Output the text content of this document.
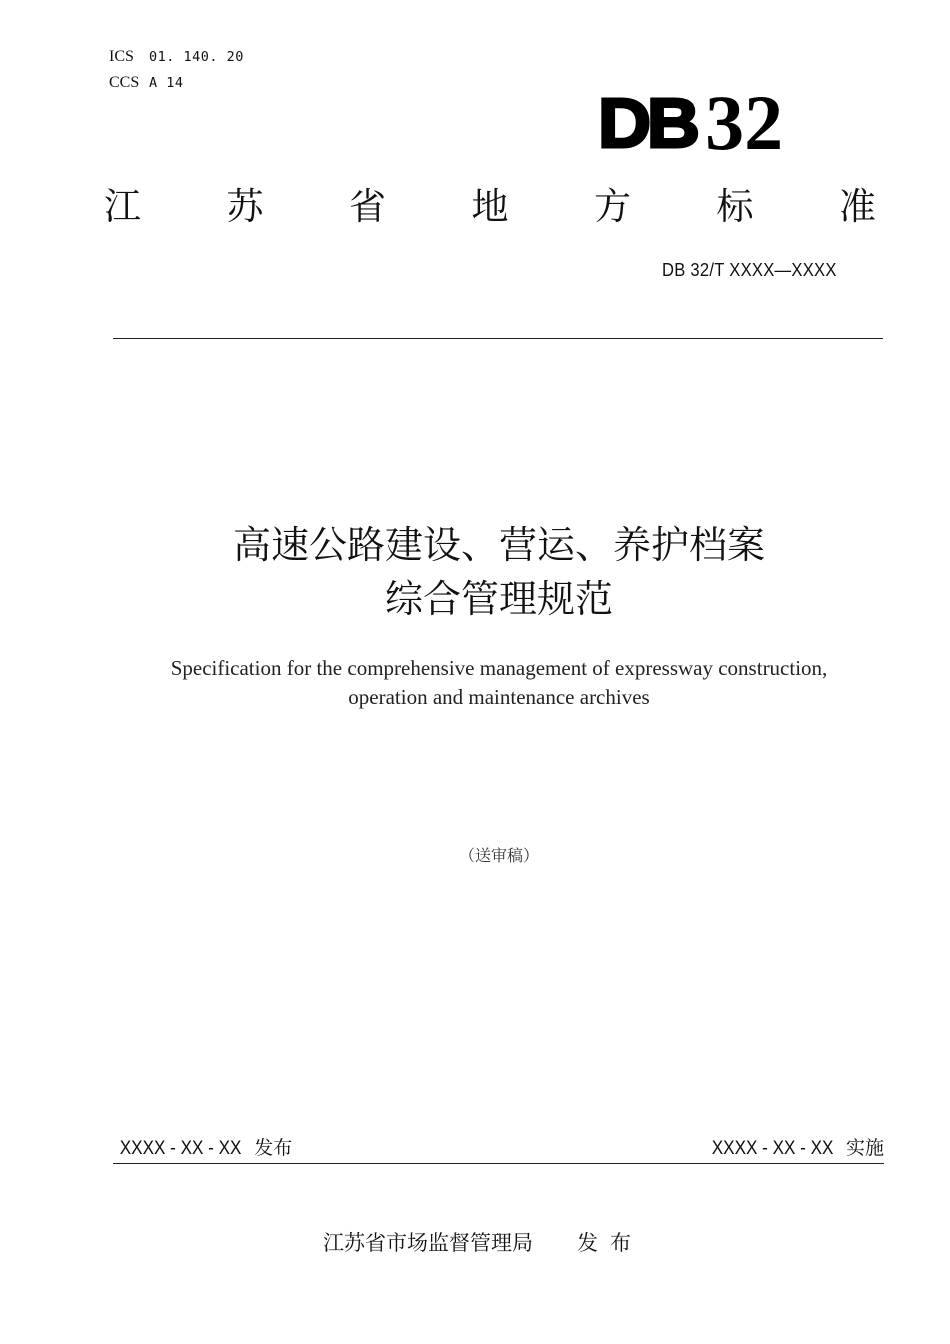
ICS	01. 140. 20
CCS A 14
DB 32
江 苏 省 地 方 标 准
DB 32/T XXXX—XXXX
高速公路建设、营运、养护档案
综合管理规范
Specification for the comprehensive management of expressway construction,
operation and maintenance archives
（送审稿）
XXXX - XX - XX 发布	XXXX - XX - XX 实施
江苏省市场监督管理局 发布
